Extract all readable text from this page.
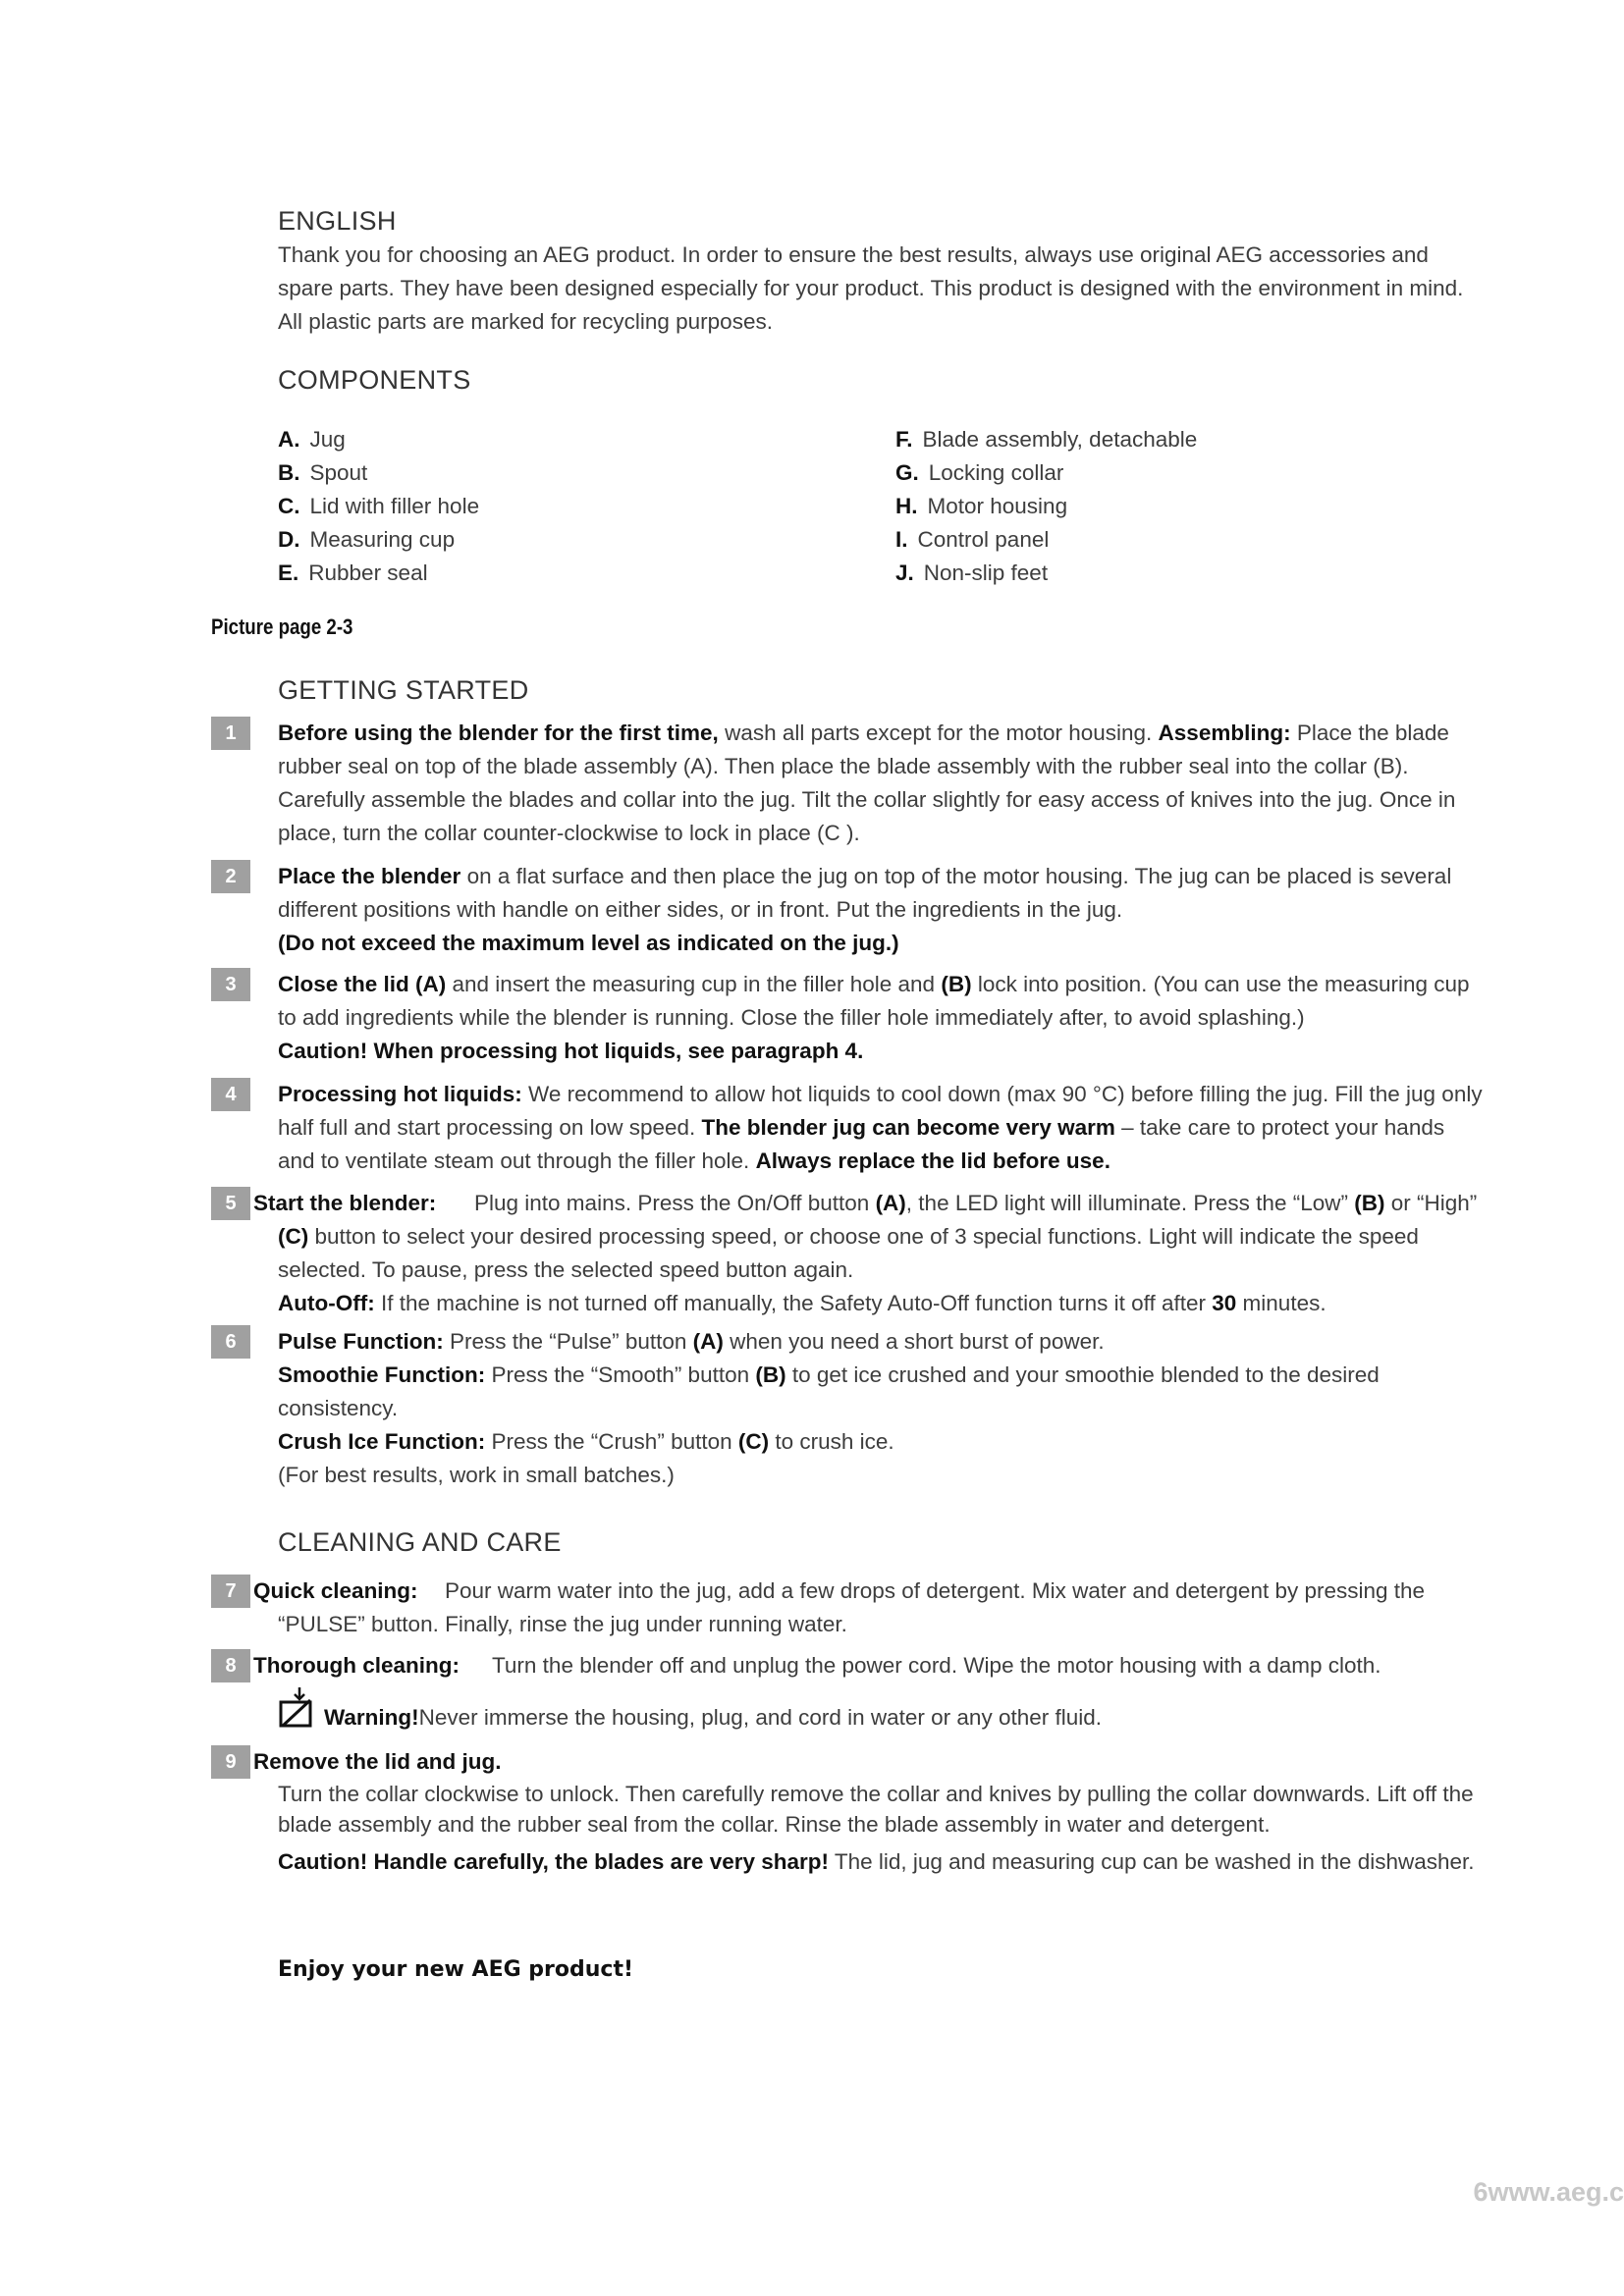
ENGLISH

Thank you for choosing an AEG product. In order to ensure the best results, always use original AEG accessories and spare parts. They have been designed especially for your product. This product is designed with the environment in mind. All plastic parts are marked for recycling purposes.

COMPONENTS

A. Jug
B. Spout
C. Lid with filler hole
D. Measuring cup
E. Rubber seal
F. Blade assembly, detachable
G. Locking collar
H. Motor housing
I. Control panel
J. Non-slip feet
Picture page 2-3

GETTING STARTED

1	Before using the blender for the first time, wash all parts except for the motor housing. Assembling: Place the blade rubber seal on top of the blade assembly (A). Then place the blade assembly with the rubber seal into the collar (B). Carefully assemble the blades and collar into the jug. Tilt the collar slightly for easy access of knives into the jug. Once in place, turn the collar counter-clockwise to lock in place (C ).

2	Place the blender on a flat surface and then place the jug on top of the motor housing. The jug can be placed is several different positions with handle on either sides, or in front. Put the ingredients in the jug.

(Do not exceed the maximum level as indicated on the jug.)

3	Close the lid (A) and insert the measuring cup in the filler hole and (B) lock into position. (You can use the measuring cup to add ingredients while the blender is running. Close the filler hole immediately after, to avoid splashing.)

Caution! When processing hot liquids, see paragraph 4.

4	Processing hot liquids: We recommend to allow hot liquids to cool down (max 90 °C) before filling the jug. Fill the jug only half full and start processing on low speed. The blender jug can become very warm – take care to protect your hands and to ventilate steam out through the filler hole. Always replace the lid before use.

5 Start the blender:	Plug into mains. Press the On/Off button (A), the LED light will illuminate. Press the “Low” (B) or “High” (C) button to select your desired processing speed, or choose one of 3 special functions. Light will indicate the speed selected. To pause, press the selected speed button again.

Auto-Off: If the machine is not turned off manually, the Safety Auto-Off function turns it off after 30 minutes.

6	Pulse Function: Press the “Pulse” button (A) when you need a short burst of power.

Smoothie Function: Press the “Smooth” button (B) to get ice crushed and your smoothie blended to the desired consistency.

Crush Ice Function: Press the “Crush” button (C) to crush ice.

(For best results, work in small batches.)

CLEANING AND CARE

7 Quick cleaning:	Pour warm water into the jug, add a few drops of detergent. Mix water and detergent by pressing the “PULSE” button. Finally, rinse the jug under running water.

8 Thorough cleaning:	Turn the blender off and unplug the power cord. Wipe the motor housing with a damp cloth.

Warning!Never immerse the housing, plug, and cord in water or any other fluid.
9 Remove the lid and jug.

Turn the collar clockwise to unlock. Then carefully remove the collar and knives by pulling the collar downwards. Lift off the blade assembly and the rubber seal from the collar. Rinse the blade assembly in water and detergent.

Caution! Handle carefully, the blades are very sharp! The lid, jug and measuring cup can be washed in the dishwasher.

Enjoy your new AEG product!

6www.aeg.c
